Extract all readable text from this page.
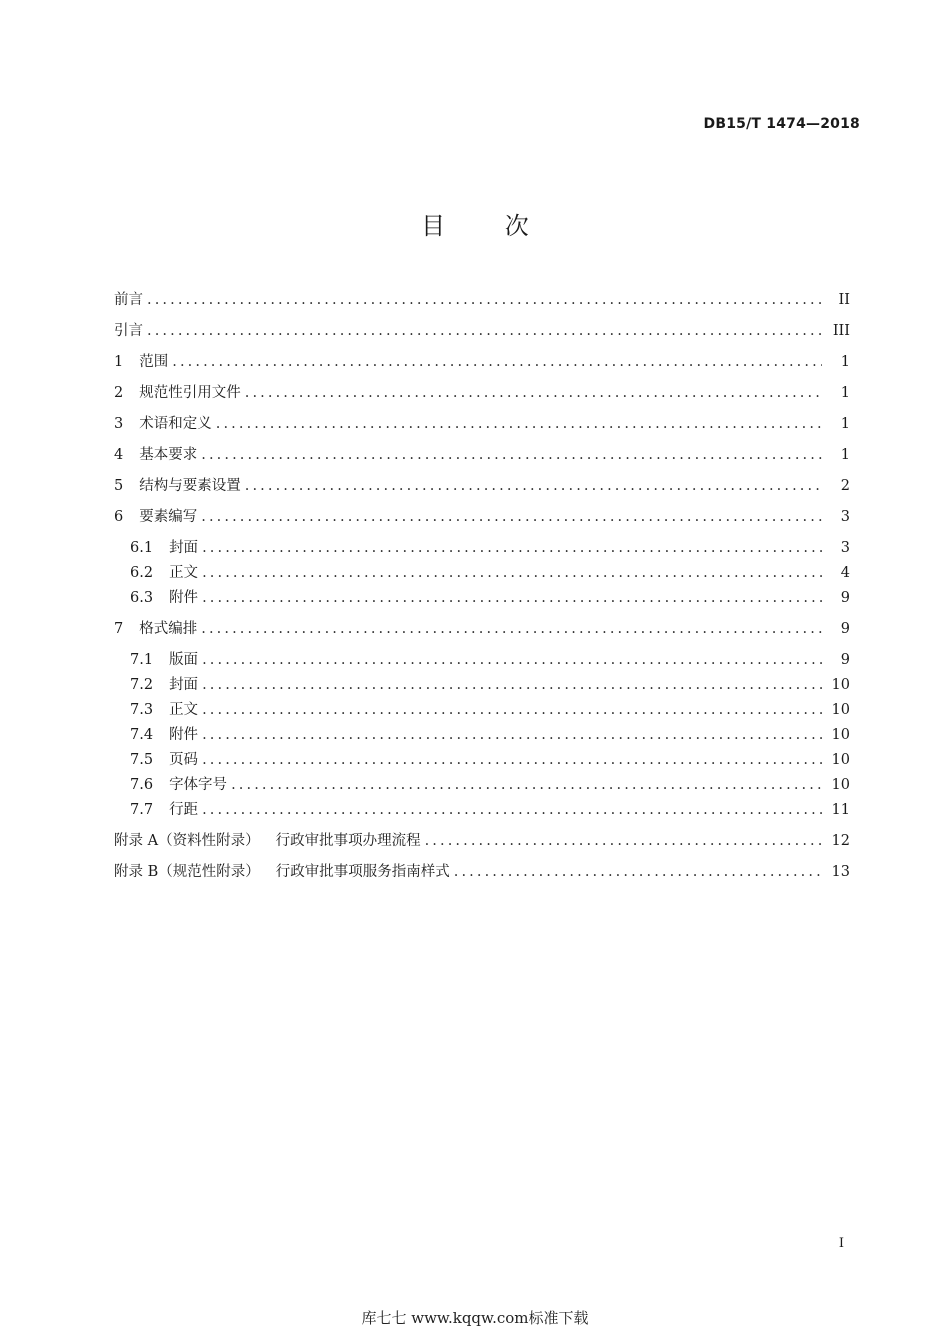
DB15/T 1474—2018
目 次
前言 .....	II
引言 .....	III
1 范围 .....	1
2 规范性引用文件 .....	1
3 术语和定义 .....	1
4 基本要求 .....	1
5 结构与要素设置 .....	2
6 要素编写 .....	3
6.1 封面 .....	3
6.2 正文 .....	4
6.3 附件 .....	9
7 格式编排 .....	9
7.1 版面 .....	9
7.2 封面 .....	10
7.3 正文 .....	10
7.4 附件 .....	10
7.5 页码 .....	10
7.6 字体字号 .....	10
7.7 行距 .....	11
附录 A（资料性附录） 行政审批事项办理流程 .....	12
附录 B（规范性附录） 行政审批事项服务指南样式 .....	13
I
库七七 www.kqqw.com标准下载
